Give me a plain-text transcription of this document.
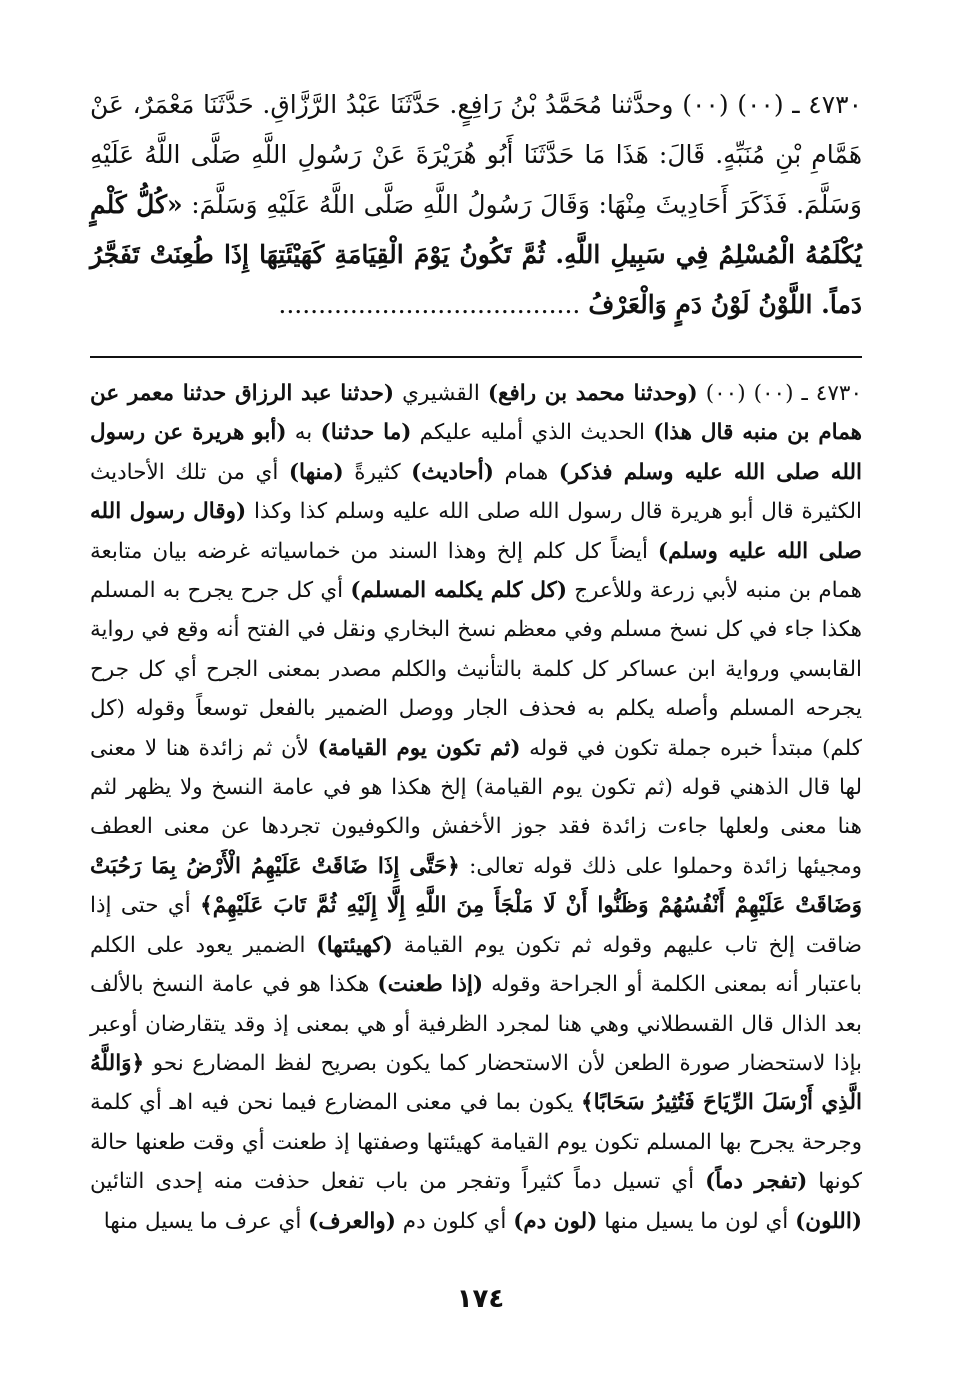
٤٧٣٠ ـ (٠٠) (٠٠) وحدَّثنا مُحَمَّدُ بْنُ رَافِعٍ. حَدَّثَنَا عَبْدُ الرَّزَّاقِ. حَدَّثَنَا مَعْمَرٌ، عَنْ هَمَّامِ بْنِ مُنَبِّهٍ. قَالَ: هَذَا مَا حَدَّثَنَا أَبُو هُرَيْرَةَ عَنْ رَسُولِ اللَّهِ صَلَّى اللَّهُ عَلَيْهِ وَسَلَّمَ. فَذَكَرَ أَحَادِيثَ مِنْهَا: وَقَالَ رَسُولُ اللَّهِ صَلَّى اللَّهُ عَلَيْهِ وَسَلَّمَ: «كُلُّ كَلْمٍ يُكْلَمُهُ الْمُسْلِمُ فِي سَبِيلِ اللَّهِ. ثُمَّ تَكُونُ يَوْمَ الْقِيَامَةِ كَهَيْئَتِهَا إِذَا طُعِنَتْ تَفَجَّرُ دَماً. اللَّوْنُ لَوْنُ دَمٍ وَالْعَرْفُ ......................................

٤٧٣٠ ـ (٠٠) (٠٠) (وحدثنا محمد بن رافع) القشيري (حدثنا عبد الرزاق حدثنا معمر عن همام بن منبه قال هذا) الحديث الذي أمليه عليكم (ما حدثنا) به (أبو هريرة عن رسول الله صلى الله عليه وسلم فذكر) همام (أحاديث) كثيرةً (منها) أي من تلك الأحاديث الكثيرة قال أبو هريرة قال رسول الله صلى الله عليه وسلم كذا وكذا (وقال رسول الله صلى الله عليه وسلم) أيضاً كل كلم إلخ وهذا السند من خماسياته غرضه بيان متابعة همام بن منبه لأبي زرعة وللأعرج (كل كلم يكلمه المسلم) أي كل جرح يجرح به المسلم هكذا جاء في كل نسخ مسلم وفي معظم نسخ البخاري ونقل في الفتح أنه وقع في رواية القابسي ورواية ابن عساكر كل كلمة بالتأنيث والكلم مصدر بمعنى الجرح أي كل جرح يجرحه المسلم وأصله يكلم به فحذف الجار ووصل الضمير بالفعل توسعاً وقوله (كل كلم) مبتدأ خبره جملة تكون في قوله (ثم تكون يوم القيامة) لأن ثم زائدة هنا لا معنى لها قال الذهني قوله (ثم تكون يوم القيامة) إلخ هكذا هو في عامة النسخ ولا يظهر لثم هنا معنى ولعلها جاءت زائدة فقد جوز الأخفش والكوفيون تجردها عن معنى العطف ومجيئها زائدة وحملوا على ذلك قوله تعالى: ﴿حَتَّى إِذَا ضَاقَتْ عَلَيْهِمُ الْأَرْضُ بِمَا رَحُبَتْ وَضَاقَتْ عَلَيْهِمْ أَنْفُسُهُمْ وَظَنُّوا أَنْ لَا مَلْجَأَ مِنَ اللَّهِ إِلَّا إِلَيْهِ ثُمَّ تَابَ عَلَيْهِمْ﴾ أي حتى إذا ضاقت إلخ تاب عليهم وقوله ثم تكون يوم القيامة (كهيئتها) الضمير يعود على الكلم باعتبار أنه بمعنى الكلمة أو الجراحة وقوله (إذا طعنت) هكذا هو في عامة النسخ بالألف بعد الذال قال القسطلاني وهي هنا لمجرد الظرفية أو هي بمعنى إذ وقد يتقارضان أوعبر بإذا لاستحضار صورة الطعن لأن الاستحضار كما يكون بصريح لفظ المضارع نحو ﴿وَاللَّهُ الَّذِي أَرْسَلَ الرِّيَاحَ فَتُثِيرُ سَحَابًا﴾ يكون بما في معنى المضارع فيما نحن فيه اهـ أي كلمة وجرحة يجرح بها المسلم تكون يوم القيامة كهيئتها وصفتها إذ طعنت أي وقت طعنها حالة كونها (تفجر دماً) أي تسيل دماً كثيراً وتفجر من باب تفعل حذفت منه إحدى التائين (اللون) أي لون ما يسيل منها (لون دم) أي كلون دم (والعرف) أي عرف ما يسيل منها

١٧٤
